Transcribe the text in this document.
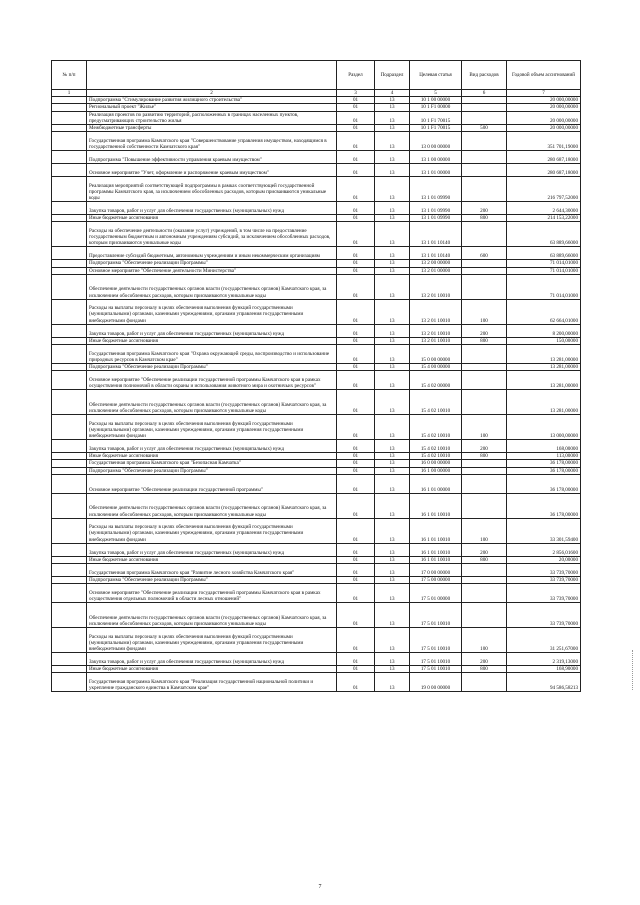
№ п/п		Раздел	Подраздел	Целевая статья	Вид расходов	Годовой объем ассигнований
1	2	3	4	5	6	7
	Подпрограмма "Стимулирование развития жилищного строительства"	01	13	10 1 00 00000		20 000,00000
	Региональный проект "Жилье"	01	13	10 1 F1 00000		20 000,00000
	Реализация проектов по развитию территорий, расположенных в границах населенных пунктов, предусматривающих строительство жилья	01	13	10 1 F1 70015		20 000,00000
	Межбюджетные трансферты	01	13	10 1 F1 70015	500	20 000,00000
	Государственная программа Камчатского края "Совершенствование управления имуществом, находящимся в государственной собственности Камчатского края"	01	13	13 0 00 00000		351 701,19000
	Подпрограмма "Повышение эффективности управления краевым имуществом"	01	13	13 1 00 00000		280 687,18000
	Основное мероприятие "Учет, оформление и распоряжение краевым имуществом"	01	13	13 1 01 00000		280 687,18000
	Реализация мероприятий соответствующей подпрограммы в рамках соответствующей государственной программы Камчатского края, за исключением обособленных расходов, которым присваиваются уникальные коды	01	13	13 1 01 09990		216 797,52000
	Закупка товаров, работ и услуг для обеспечения государственных (муниципальных) нужд	01	13	13 1 01 09990	200	2 644,30000
	Иные бюджетные ассигнования	01	13	13 1 01 09990	800	214 153,22000
	Расходы на обеспечение деятельности (оказание услуг) учреждений, в том числе на предоставление государственным бюджетным и автономным учреждениям субсидий, за исключением обособленных расходов, которым присваиваются уникальные коды	01	13	13 1 01 10140		63 889,66000
	Предоставление субсидий бюджетным, автономным учреждениям и иным некоммерческим организациям	01	13	13 1 01 10140	600	63 889,66000
	Подпрограмма "Обеспечение реализации Программы"	01	13	13 2 00 00000		71 014,01000
	Основное мероприятие "Обеспечение деятельности Министерства"	01	13	13 2 01 00000		71 014,01000
	Обеспечение деятельности государственных органов власти (государственных органов) Камчатского края, за исключением обособленных расходов, которым присваиваются уникальные коды	01	13	13 2 01 10010		71 014,01000
	Расходы на выплаты персоналу в целях обеспечения выполнения функций государственными (муниципальными) органами, казенными учреждениями, органами управления государственными внебюджетными фондами	01	13	13 2 01 10010	100	62 664,01000
	Закупка товаров, работ и услуг для обеспечения государственных (муниципальных) нужд	01	13	13 2 01 10010	200	8 200,00000
	Иные бюджетные ассигнования	01	13	13 2 01 10010	800	150,00000
	Государственная программа Камчатского края "Охрана окружающей среды, воспроизводство и использование природных ресурсов в Камчатском крае"	01	13	15 0 00 00000		13 281,00000
	Подпрограмма "Обеспечение реализации Программы"	01	13	15 4 00 00000		13 281,00000
	Основное мероприятие "Обеспечение реализации государственной программы Камчатского края в рамках осуществления полномочий в области охраны и использования животного мира и охотничьих ресурсов"	01	13	15 4 02 00000		13 281,00000
	Обеспечение деятельности государственных органов власти (государственных органов) Камчатского края, за исключением обособленных расходов, которым присваиваются уникальные коды	01	13	15 4 02 10010		13 281,00000
	Расходы на выплаты персоналу в целях обеспечения выполнения функций государственными (муниципальными) органами, казенными учреждениями, органами управления государственными внебюджетными фондами	01	13	15 4 02 10010	100	13 000,00000
	Закупка товаров, работ и услуг для обеспечения государственных (муниципальных) нужд	01	13	15 4 02 10010	200	168,00000
	Иные бюджетные ассигнования	01	13	15 4 02 10010	800	113,00000
	Государственная программа Камчатского края "Безопасная Камчатка"	01	13	16 0 00 00000		36 178,00000
	Подпрограмма "Обеспечение реализации Программы"	01	13	16 1 00 00000		36 178,00000
	Основное мероприятие "Обеспечение реализации государственной программы"	01	13	16 1 01 00000		36 178,00000
	Обеспечение деятельности государственных органов власти (государственных органов) Камчатского края, за исключением обособленных расходов, которым присваиваются уникальные коды	01	13	16 1 01 10010		36 178,00000
	Расходы на выплаты персоналу в целях обеспечения выполнения функций государственными (муниципальными) органами, казенными учреждениями, органами управления государственными внебюджетными фондами	01	13	16 1 01 10010	100	33 301,59400
	Закупка товаров, работ и услуг для обеспечения государственных (муниципальных) нужд	01	13	16 1 01 10010	200	2 856,01600
	Иные бюджетные ассигнования	01	13	16 1 01 10010	800	20,00000
	Государственная программа Камчатского края "Развитие лесного хозяйства Камчатского края"	01	13	17 0 00 00000		33 739,70000
	Подпрограмма "Обеспечение реализации Программы"	01	13	17 5 00 00000		33 739,70000
	Основное мероприятие "Обеспечение реализации государственной программы Камчатского края в рамках осуществления отдельных полномочий в области лесных отношений"	01	13	17 5 01 00000		33 739,70000
	Обеспечение деятельности государственных органов власти (государственных органов) Камчатского края, за исключением обособленных расходов, которым присваиваются уникальные коды	01	13	17 5 01 10010		33 739,70000
	Расходы на выплаты персоналу в целях обеспечения выполнения функций государственными (муниципальными) органами, казенными учреждениями, органами управления государственными внебюджетными фондами	01	13	17 5 01 10010	100	31 251,67000
	Закупка товаров, работ и услуг для обеспечения государственных (муниципальных) нужд	01	13	17 5 01 10010	200	2 319,13000
	Иные бюджетные ассигнования	01	13	17 5 01 10010	800	168,90000
	Государственная программа Камчатского края "Реализация государственной национальной политики и укрепление гражданского единства в Камчатском крае"	01	13	19 0 00 00000		94 586,58213
7
